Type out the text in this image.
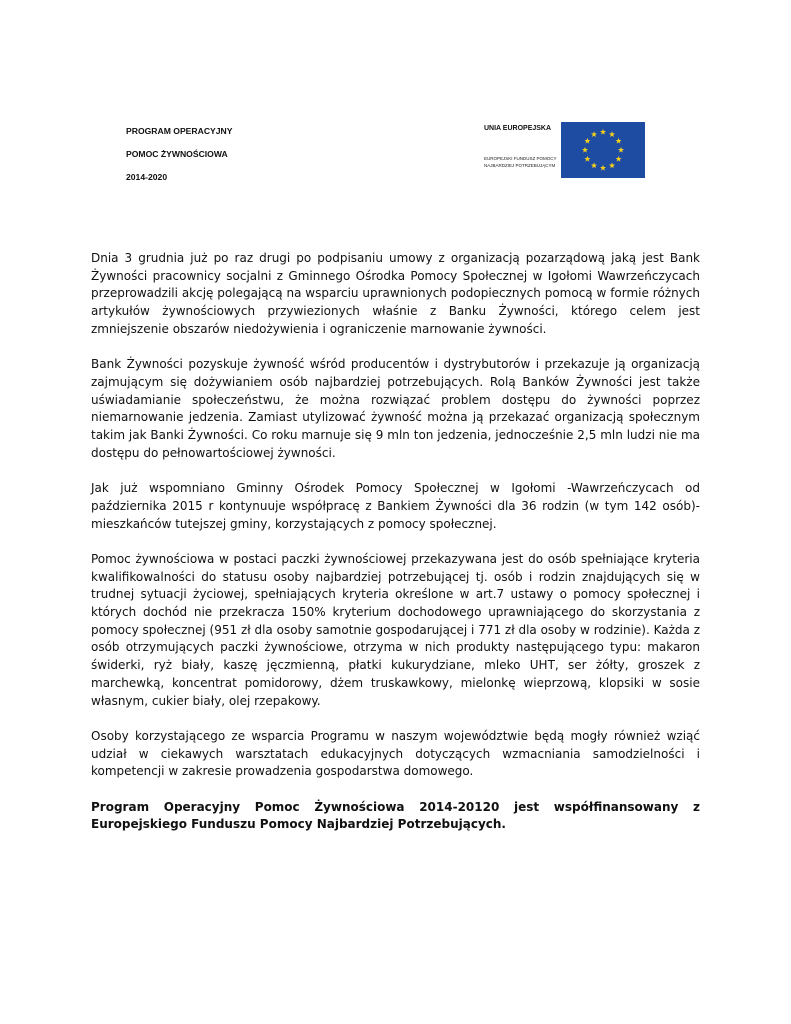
PROGRAM OPERACYJNY
POMOC ŻYWNOŚCIOWA
2014-2020
UNIA EUROPEJSKA
EUROPEJSKI FUNDUSZ POMOCY
NAJBARDZIEJ POTRZEBUJĄCYM

Dnia 3 grudnia już po raz drugi po podpisaniu umowy z organizacją pozarządową jaką jest Bank Żywności pracownicy socjalni z Gminnego Ośrodka Pomocy Społecznej w Igołomi Wawrzeńczycach przeprowadzili akcję polegającą na wsparciu uprawnionych podopiecznych pomocą w formie różnych artykułów żywnościowych przywiezionych właśnie z Banku Żywności, którego celem jest zmniejszenie obszarów niedożywienia i ograniczenie marnowanie żywności.

Bank Żywności pozyskuje żywność wśród producentów i dystrybutorów i przekazuje ją organizacją zajmującym się dożywianiem osób najbardziej potrzebujących. Rolą Banków Żywności jest także uświadamianie społeczeństwu, że można rozwiązać problem dostępu do żywności poprzez niemarnowanie jedzenia. Zamiast utylizować żywność można ją przekazać organizacją społecznym takim jak Banki Żywności. Co roku marnuje się 9 mln ton jedzenia, jednocześnie 2,5 mln ludzi nie ma dostępu do pełnowartościowej żywności.

Jak już wspomniano Gminny Ośrodek Pomocy Społecznej w Igołomi -Wawrzeńczycach od października 2015 r kontynuuje współpracę z Bankiem Żywności dla 36 rodzin (w tym 142 osób)- mieszkańców tutejszej gminy, korzystających z pomocy społecznej.

Pomoc żywnościowa w postaci paczki żywnościowej przekazywana jest do osób spełniające kryteria kwalifikowalności do statusu osoby najbardziej potrzebującej tj. osób i rodzin znajdujących się w trudnej sytuacji życiowej, spełniających kryteria określone w art.7 ustawy o pomocy społecznej i których dochód nie przekracza 150% kryterium dochodowego uprawniającego do skorzystania z pomocy społecznej (951 zł dla osoby samotnie gospodarującej i 771 zł dla osoby w rodzinie). Każda z osób otrzymujących paczki żywnościowe, otrzyma w nich produkty następującego typu: makaron świderki, ryż biały, kaszę jęczmienną, płatki kukurydziane, mleko UHT, ser żółty, groszek z marchewką, koncentrat pomidorowy, dżem truskawkowy, mielonkę wieprzową, klopsiki w sosie własnym, cukier biały, olej rzepakowy.

Osoby korzystającego ze wsparcia Programu w naszym województwie będą mogły również wziąć udział w ciekawych warsztatach edukacyjnych dotyczących wzmacniania samodzielności i kompetencji w zakresie prowadzenia gospodarstwa domowego.

Program Operacyjny Pomoc Żywnościowa 2014-20120 jest współfinansowany z Europejskiego Funduszu Pomocy Najbardziej Potrzebujących.
